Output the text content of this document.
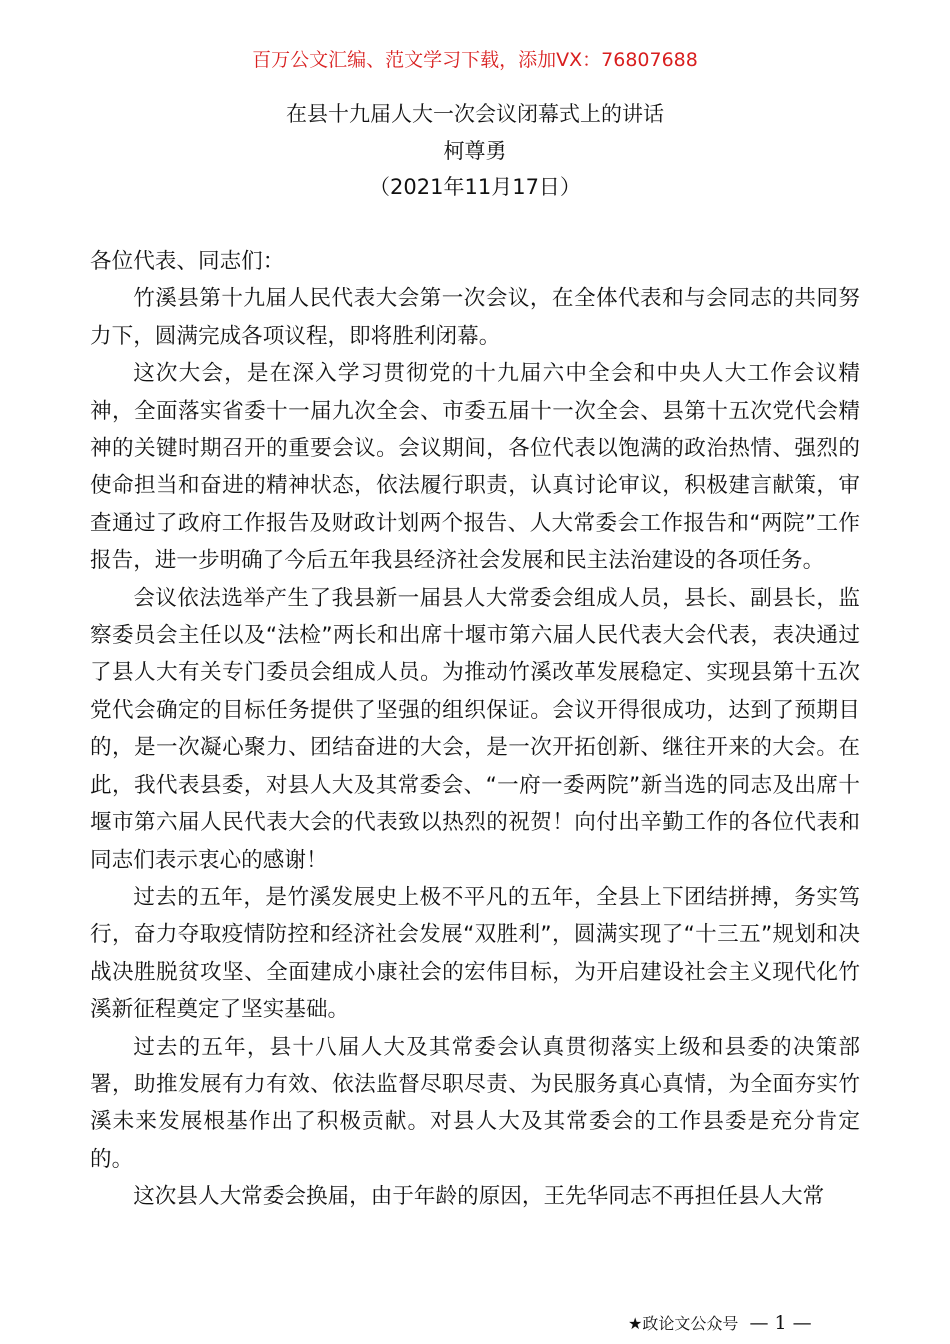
百万公文汇编、范文学习下载，添加VX：76807688
在县十九届人大一次会议闭幕式上的讲话
柯尊勇
（2021年11月17日）

各位代表、同志们：

竹溪县第十九届人民代表大会第一次会议，在全体代表和与会同志的共同努力下，圆满完成各项议程，即将胜利闭幕。

这次大会，是在深入学习贯彻党的十九届六中全会和中央人大工作会议精神，全面落实省委十一届九次全会、市委五届十一次全会、县第十五次党代会精神的关键时期召开的重要会议。会议期间，各位代表以饱满的政治热情、强烈的使命担当和奋进的精神状态，依法履行职责，认真讨论审议，积极建言献策，审查通过了政府工作报告及财政计划两个报告、人大常委会工作报告和“两院”工作报告，进一步明确了今后五年我县经济社会发展和民主法治建设的各项任务。

会议依法选举产生了我县新一届县人大常委会组成人员，县长、副县长，监察委员会主任以及“法检”两长和出席十堰市第六届人民代表大会代表，表决通过了县人大有关专门委员会组成人员。为推动竹溪改革发展稳定、实现县第十五次党代会确定的目标任务提供了坚强的组织保证。会议开得很成功，达到了预期目的，是一次凝心聚力、团结奋进的大会，是一次开拓创新、继往开来的大会。在此，我代表县委，对县人大及其常委会、“一府一委两院”新当选的同志及出席十堰市第六届人民代表大会的代表致以热烈的祝贺！向付出辛勤工作的各位代表和同志们表示衷心的感谢！

过去的五年，是竹溪发展史上极不平凡的五年，全县上下团结拼搏，务实笃行，奋力夺取疫情防控和经济社会发展“双胜利”，圆满实现了“十三五”规划和决战决胜脱贫攻坚、全面建成小康社会的宏伟目标，为开启建设社会主义现代化竹溪新征程奠定了坚实基础。

过去的五年，县十八届人大及其常委会认真贯彻落实上级和县委的决策部署，助推发展有力有效、依法监督尽职尽责、为民服务真心真情，为全面夯实竹溪未来发展根基作出了积极贡献。对县人大及其常委会的工作县委是充分肯定的。

这次县人大常委会换届，由于年龄的原因，王先华同志不再担任县人大常

★政论文公众号 — 1 —
